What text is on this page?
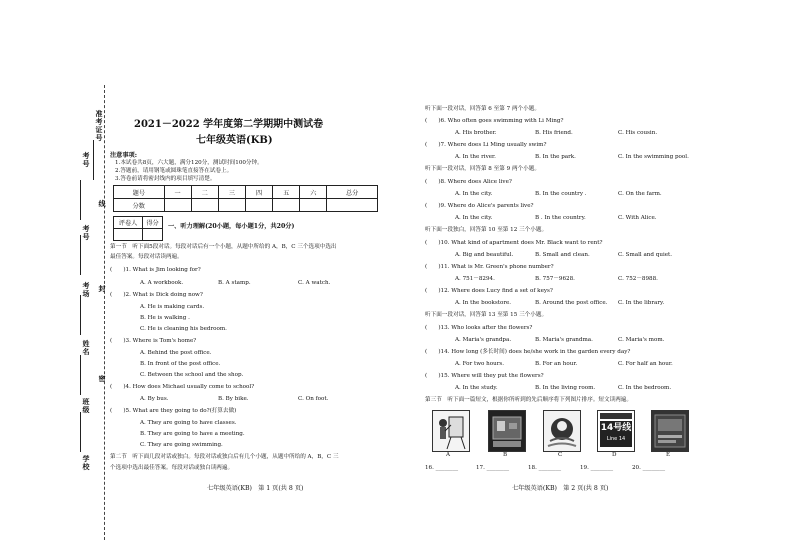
准考证号
考号
线
考号
考场 封
姓名
密
班级
学校
2021－2022 学年度第二学期期中测试卷
七年级英语(KB)
注意事项:
1.本试卷共8页，六大题，满分120分，测试时间100分钟。
2.答题前，请用钢笔或圆珠笔直接答在试卷上。
3.答卷前请将密封线内的项目填写清楚。
题号	一	二	三	四	五	六	总分
分数							
评卷人	得分
	一、听力理解(20小题，每小题1分，共20分)
第一节　听下面5段对话。每段对话后有一个小题，从题中所给的 A，B，C 三个选项中选出
最佳答案。每段对话读两遍。
(　　)1. What is Jim looking for?
A. A workbook.	B. A stamp.	C. A watch.
(　　)2. What is Dick doing now?
A. He is making cards.
B. He is walking .
C. He is cleaning his bedroom.
(　　)3. Where is Tom's home?
A. Behind the post office.
B. In front of the post office.
C. Between the school and the shop.
(　　)4. How does Michael usually come to school?
A. By bus.	B. By bike.	C. On foot.
(　　)5. What are they going to do?(打算去做)
A. They are going to have classes.
B. They are going to have a meeting.
C. They are going swimming.
第二节　听下面几段对话或独白。每段对话或独白后有几个小题，从题中所给的 A，B，C 三
个选项中选出最佳答案。每段对话或独白读两遍。
七年级英语(KB)　第 1 页(共 8 页)
听下面一段对话，回答第 6 至第 7 两个小题。
(　　)6. Who often goes swimming with Li Ming?
A. His brother.	B. His friend.	C. His cousin.
(　　)7. Where does Li Ming usually swim?
A. In the river.	B. In the park.	C. In the swimming pool.
听下面一段对话，回答第 8 至第 9 两个小题。
(　　)8. Where does Alice live?
A. In the city.	B. In the country .	C. On the farm.
(　　)9. Where do Alice's parents live?
A. In the city.	B . In the country.	C. With Alice.
听下面一段独白，回答第 10 至第 12 三个小题。
(　　)10. What kind of apartment does Mr. Black want to rent?
A. Big and beautiful.	B. Small and clean.	C. Small and quiet.
(　　)11. What is Mr. Green's phone number?
A. 751－8294.	B. 757－9628.	C. 752－8988.
(　　)12. Where does Lucy find a set of keys?
A. In the bookstore.	B. Around the post office. C. In the library.
听下面一段对话，回答第 13 至第 15 三个小题。
(　　)13. Who looks after the flowers?
A. Maria's grandpa.	B. Maria's grandma.	C. Maria's mom.
(　　)14. How long (多长时间) does he/she work in the garden every day?
A. For two hours.	B. For an hour.	C. For half an hour.
(　　)15. Where will they put the flowers?
A. In the study.	B. In the living room.	C. In the bedroom.
第三节　听下面一篇短文，根据你所听到的先后顺序将下列图片排序。短文读两遍。
14号线
Line 14
A	B	C	D	E
16. ________	17. ________	18. ________	19. ________	20. ________
七年级英语(KB)　第 2 页(共 8 页)
